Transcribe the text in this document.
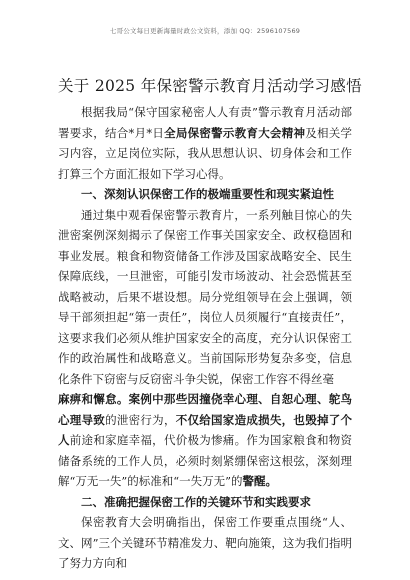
七哥公文每日更新海量时政公文资料，添加 QQ：2596107569
关于 2025 年保密警示教育月活动学习感悟

根据我局“保守国家秘密人人有责”警示教育月活动部署要求，结合*月*日全局保密警示教育大会精神及相关学习内容，立足岗位实际，我从思想认识、切身体会和工作打算三个方面汇报如下学习心得。

一、深刻认识保密工作的极端重要性和现实紧迫性

通过集中观看保密警示教育片，一系列触目惊心的失泄密案例深刻揭示了保密工作事关国家安全、政权稳固和事业发展。粮食和物资储备工作涉及国家战略安全、民生保障底线，一旦泄密，可能引发市场波动、社会恐慌甚至战略被动，后果不堪设想。局分党组领导在会上强调，领导干部须担起“第一责任”，岗位人员须履行“直接责任”，这要求我们必须从维护国家安全的高度，充分认识保密工作的政治属性和战略意义。当前国际形势复杂多变，信息化条件下窃密与反窃密斗争尖锐，保密工作容不得丝毫

麻痹和懈怠。案例中那些因撞侥幸心理、自恕心理、鸵鸟心理导致的泄密行为，不仅给国家造成损失，也毁掉了个人前途和家庭幸福，代价极为惨痛。作为国家粮食和物资储备系统的工作人员，必须时刻紧绷保密这根弦，深刻理解“万无一失”的标准和“一失万无”的警醒。

二、准确把握保密工作的关键环节和实践要求

保密教育大会明确指出，保密工作要重点围绕“人、文、网”三个关键环节精准发力、靶向施策，这为我们指明了努力方向和
